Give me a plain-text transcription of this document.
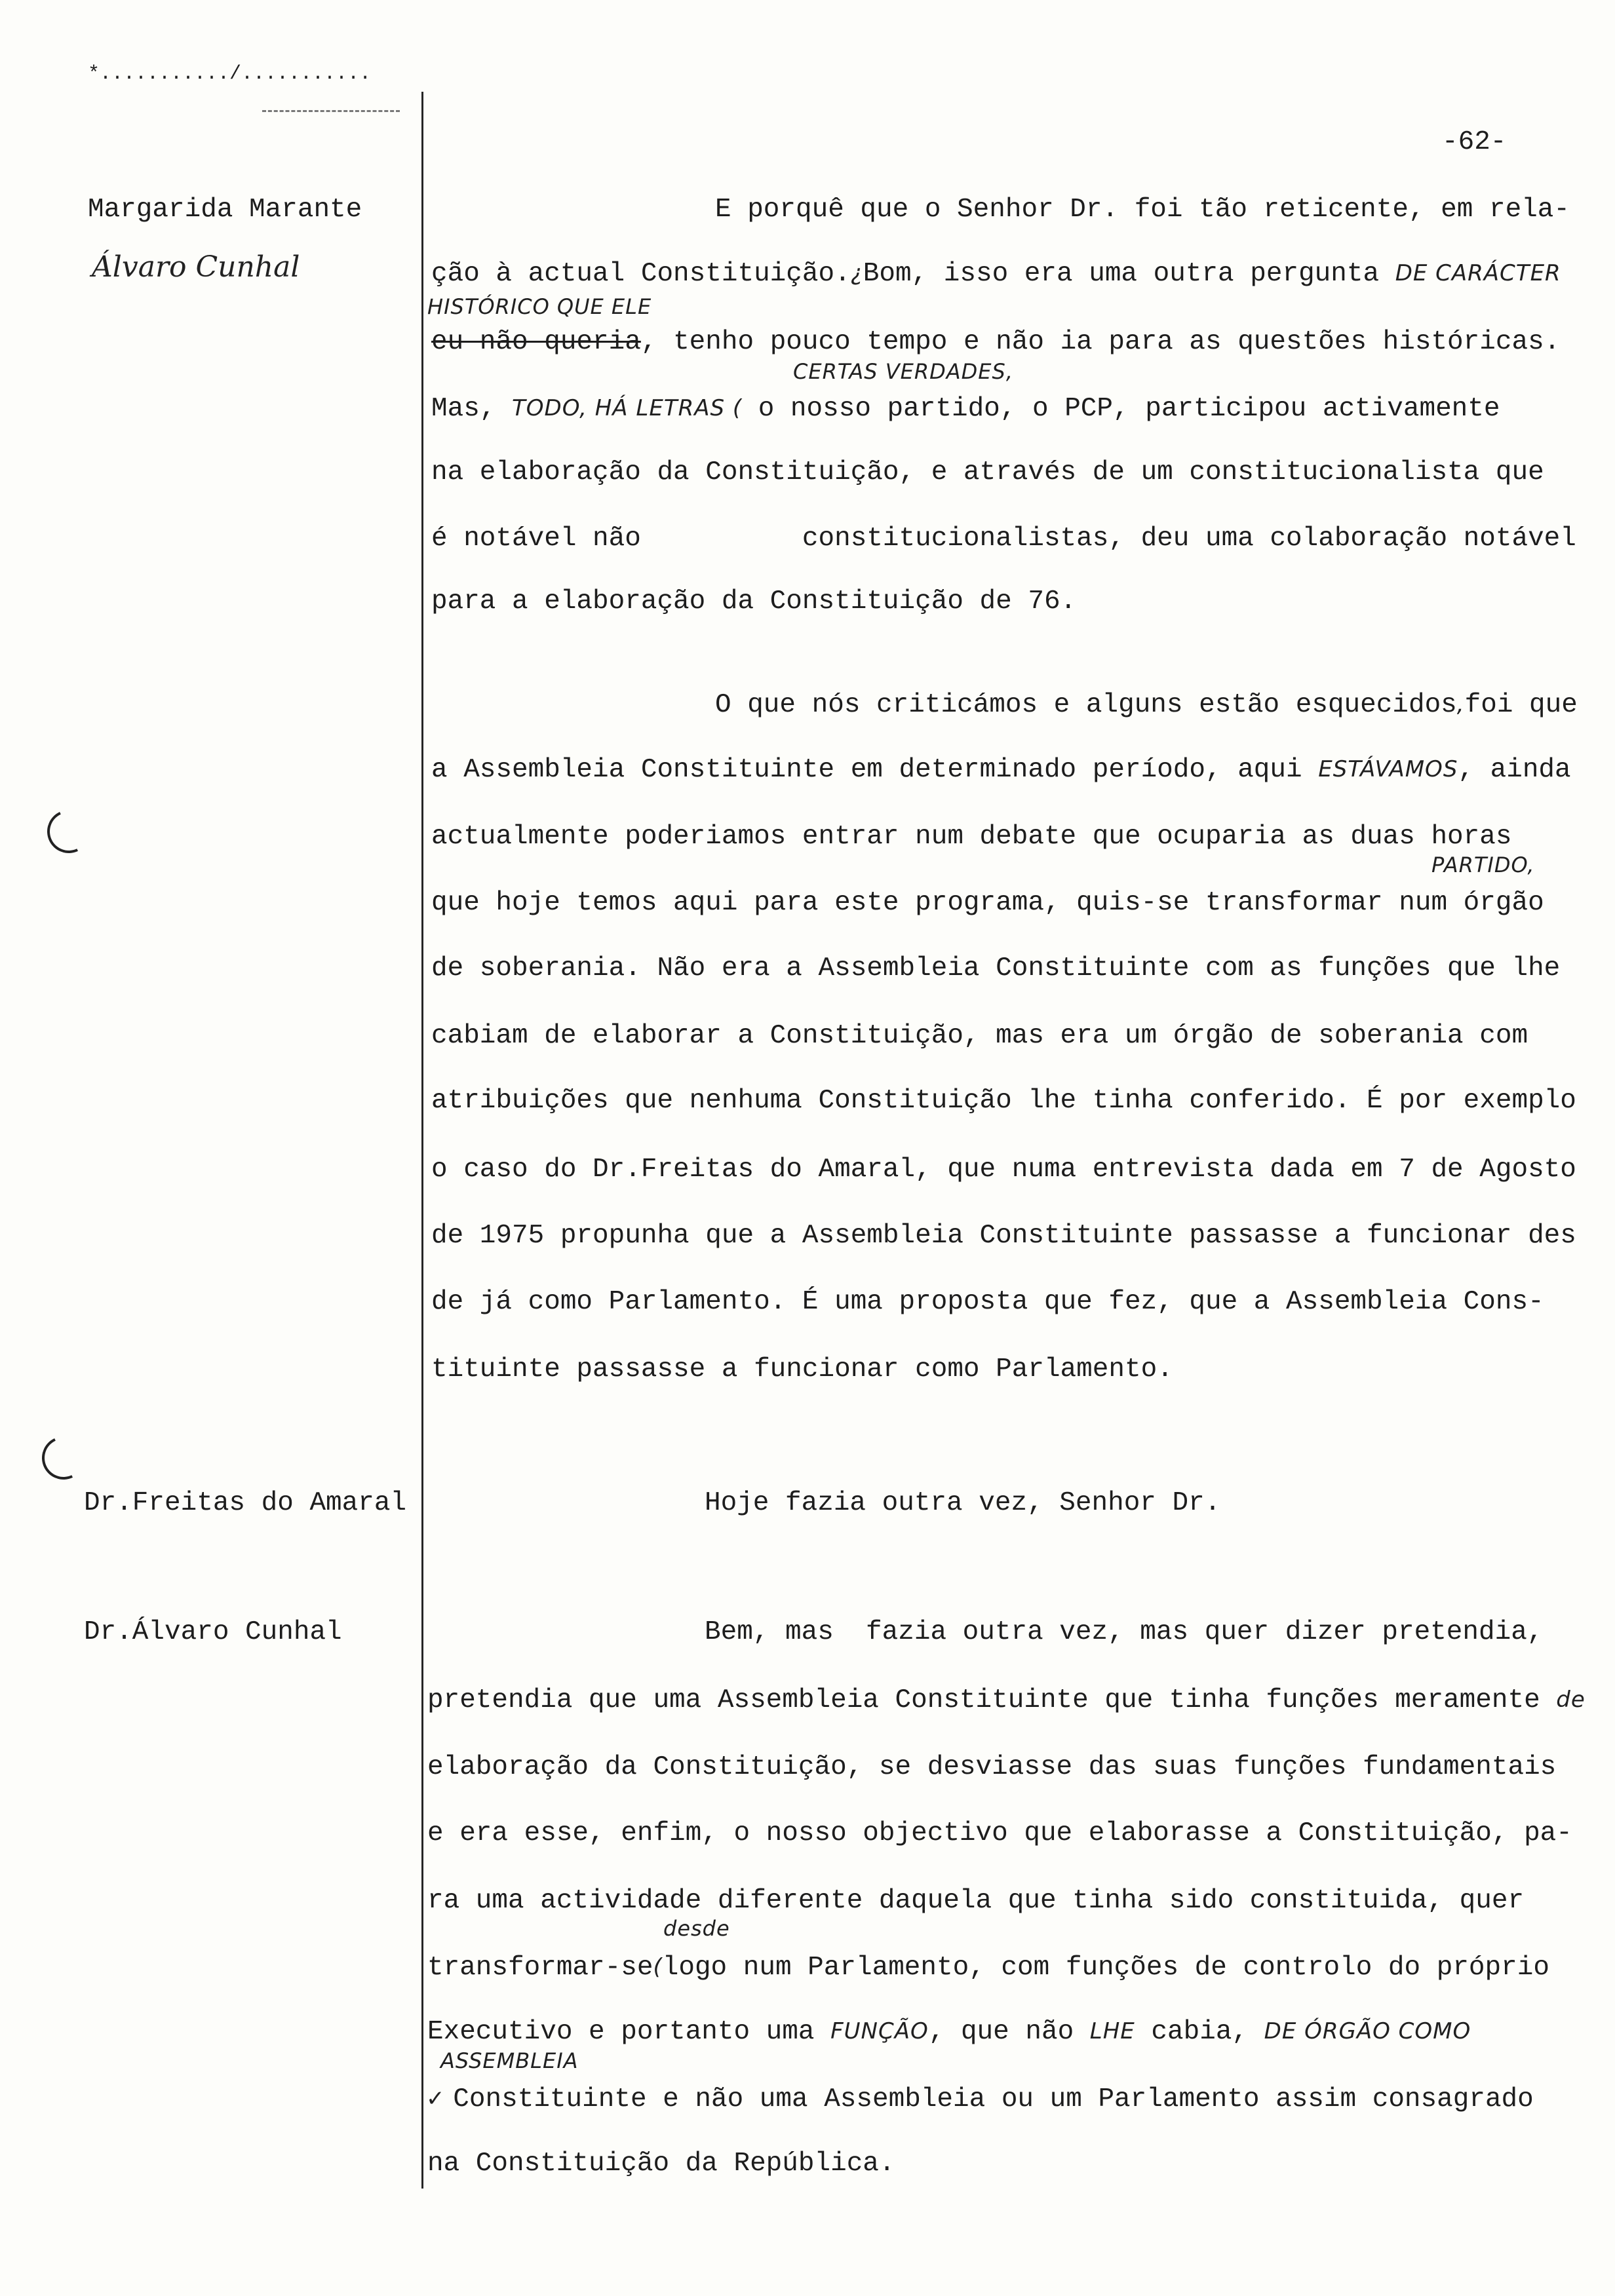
*.........../...........
-62-
Margarida Marante
Álvaro Cunhal
Dr.Freitas do Amaral
Dr.Álvaro Cunhal
E porquê que o Senhor Dr. foi tão reticente, em rela-
ção à actual Constituição.¿Bom, isso era uma outra pergunta DE CARÁCTER
HISTÓRICO QUE ELE
eu não queria, tenho pouco tempo e não ia para as questões históricas.
CERTAS VERDADES,
Mas, TODO, HÁ LETRAS ( o nosso partido, o PCP, participou activamente
na elaboração da Constituição, e através de um constitucionalista que
é notável não          constitucionalistas, deu uma colaboração notável
para a elaboração da Constituição de 76.
O que nós criticámos e alguns estão esquecidos,foi que
a Assembleia Constituinte em determinado período, aqui ESTÁVAMOS, ainda
actualmente poderiamos entrar num debate que ocuparia as duas horas
PARTIDO,
que hoje temos aqui para este programa, quis-se transformar num órgão
de soberania. Não era a Assembleia Constituinte com as funções que lhe
cabiam de elaborar a Constituição, mas era um órgão de soberania com
atribuições que nenhuma Constituição lhe tinha conferido. É por exemplo
o caso do Dr.Freitas do Amaral, que numa entrevista dada em 7 de Agosto
de 1975 propunha que a Assembleia Constituinte passasse a funcionar des
de já como Parlamento. É uma proposta que fez, que a Assembleia Cons-
tituinte passasse a funcionar como Parlamento.
Hoje fazia outra vez, Senhor Dr.
Bem, mas  fazia outra vez, mas quer dizer pretendia,
pretendia que uma Assembleia Constituinte que tinha funções meramente de
elaboração da Constituição, se desviasse das suas funções fundamentais
e era esse, enfim, o nosso objectivo que elaborasse a Constituição, pa-
ra uma actividade diferente daquela que tinha sido constituida, quer
desde
transformar-se(logo num Parlamento, com funções de controlo do próprio
Executivo e portanto uma FUNÇÃO, que não LHE cabia, DE ÓRGÃO COMO
ASSEMBLEIA
✓ Constituinte e não uma Assembleia ou um Parlamento assim consagrado
na Constituição da República.
